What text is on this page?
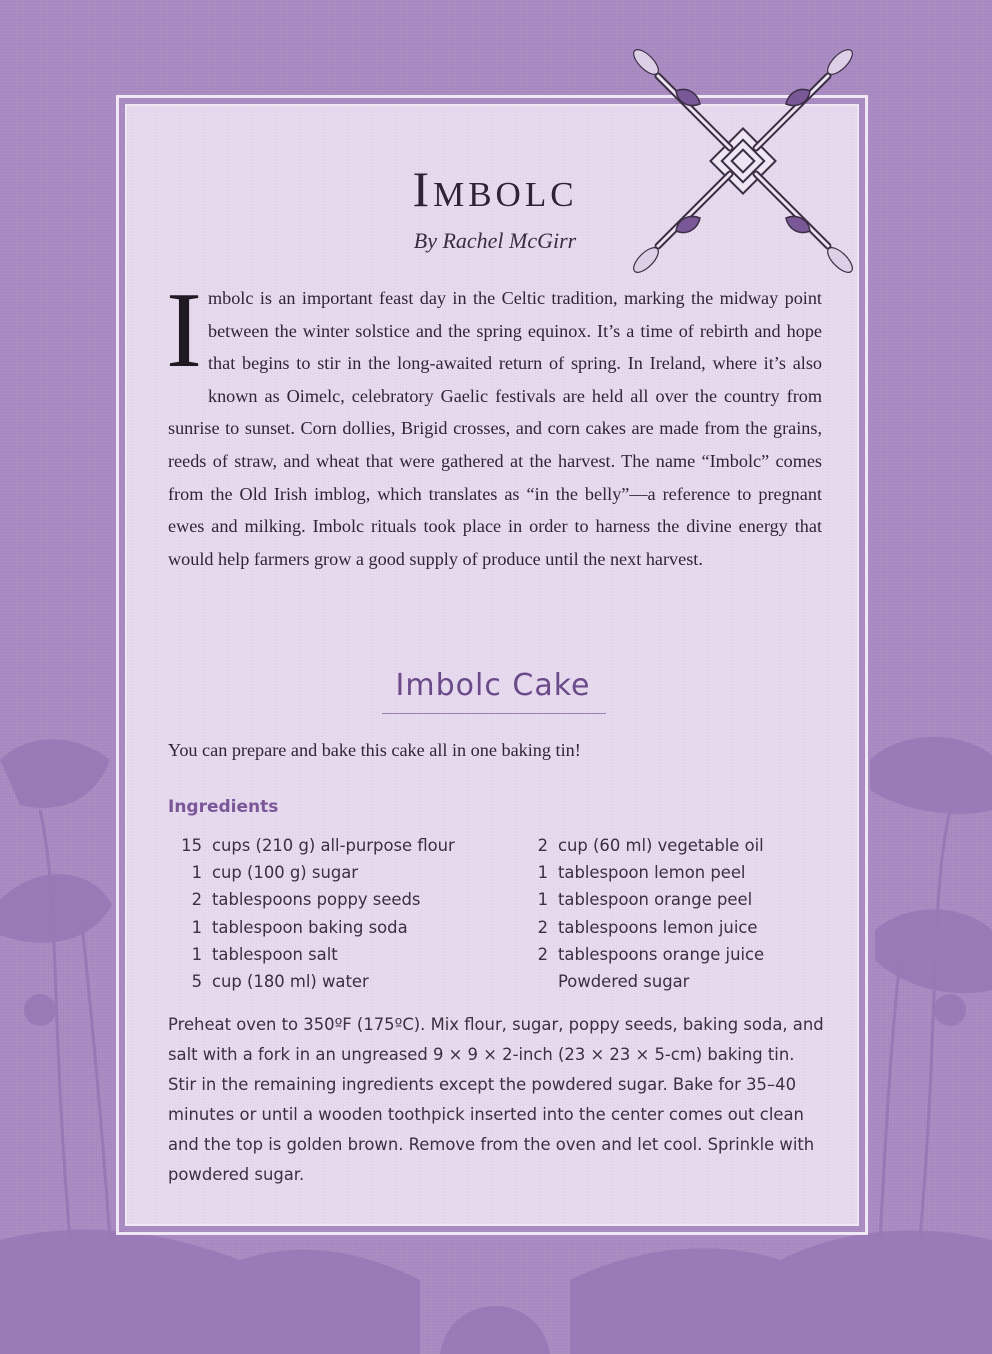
Imbolc
By Rachel McGirr
Imbolc is an important feast day in the Celtic tradition, marking the midway point between the winter solstice and the spring equinox. It’s a time of rebirth and hope that begins to stir in the long-awaited return of spring. In Ireland, where it’s also known as Oimelc, celebratory Gaelic festivals are held all over the country from sunrise to sunset. Corn dollies, Brigid crosses, and corn cakes are made from the grains, reeds of straw, and wheat that were gathered at the harvest. The name “Imbolc” comes from the Old Irish imblog, which translates as “in the belly”—a reference to pregnant ewes and milking. Imbolc rituals took place in order to harness the divine energy that would help farmers grow a good supply of produce until the next harvest.
Imbolc Cake
You can prepare and bake this cake all in one baking tin!
Ingredients
15 cups (210 g) all-purpose flour
1 cup (100 g) sugar
2 tablespoons poppy seeds
1 tablespoon baking soda
1 tablespoon salt
5 cup (180 ml) water
2 cup (60 ml) vegetable oil
1 tablespoon lemon peel
1 tablespoon orange peel
2 tablespoons lemon juice
2 tablespoons orange juice
Powdered sugar
Preheat oven to 350ºF (175ºC). Mix flour, sugar, poppy seeds, baking soda, and salt with a fork in an ungreased 9 × 9 × 2-inch (23 × 23 × 5-cm) baking tin. Stir in the remaining ingredients except the powdered sugar. Bake for 35–40 minutes or until a wooden toothpick inserted into the center comes out clean and the top is golden brown. Remove from the oven and let cool. Sprinkle with powdered sugar.
